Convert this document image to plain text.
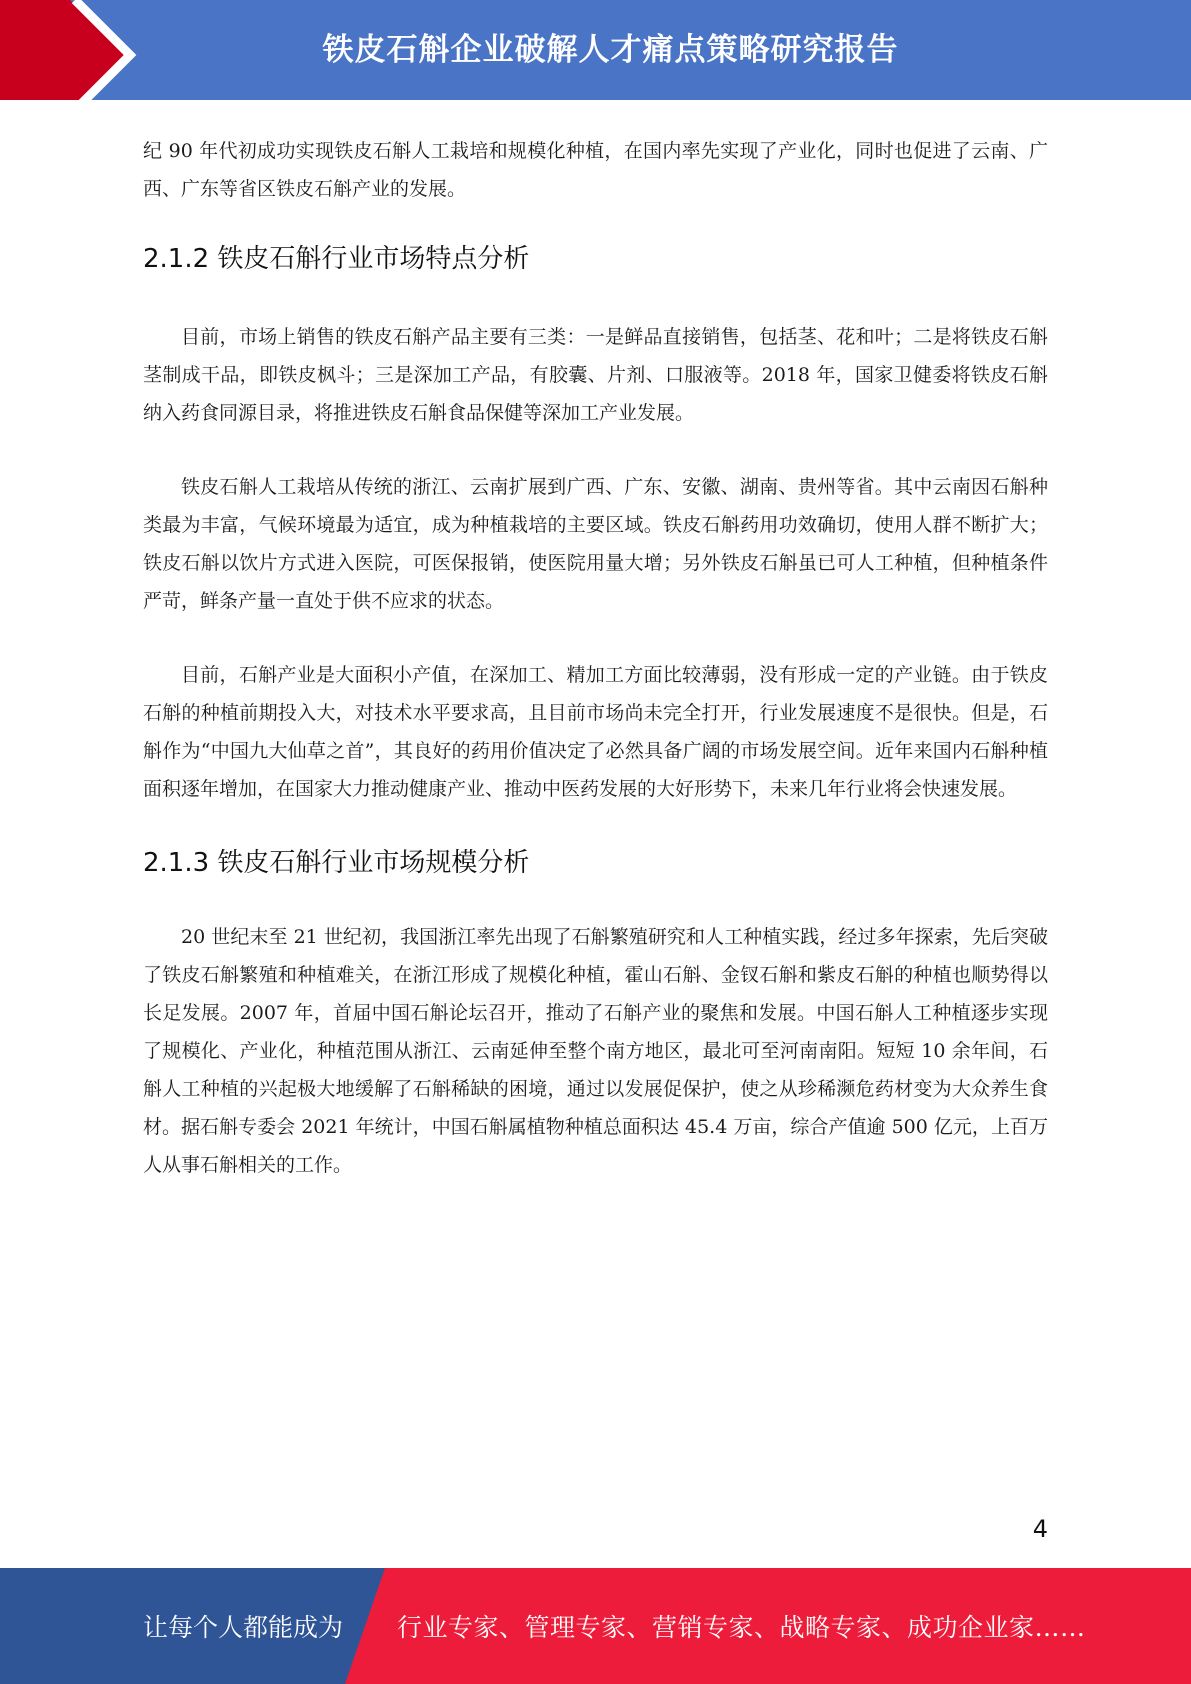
铁皮石斛企业破解人才痛点策略研究报告

纪 90 年代初成功实现铁皮石斛人工栽培和规模化种植，在国内率先实现了产业化，同时也促进了云南、广西、广东等省区铁皮石斛产业的发展。

2.1.2 铁皮石斛行业市场特点分析

目前，市场上销售的铁皮石斛产品主要有三类：一是鲜品直接销售，包括茎、花和叶；二是将铁皮石斛茎制成干品，即铁皮枫斗；三是深加工产品，有胶囊、片剂、口服液等。2018 年，国家卫健委将铁皮石斛纳入药食同源目录，将推进铁皮石斛食品保健等深加工产业发展。

铁皮石斛人工栽培从传统的浙江、云南扩展到广西、广东、安徽、湖南、贵州等省。其中云南因石斛种类最为丰富，气候环境最为适宜，成为种植栽培的主要区域。铁皮石斛药用功效确切，使用人群不断扩大；铁皮石斛以饮片方式进入医院，可医保报销，使医院用量大增；另外铁皮石斛虽已可人工种植，但种植条件严苛，鲜条产量一直处于供不应求的状态。

目前，石斛产业是大面积小产值，在深加工、精加工方面比较薄弱，没有形成一定的产业链。由于铁皮石斛的种植前期投入大，对技术水平要求高，且目前市场尚未完全打开，行业发展速度不是很快。但是，石斛作为“中国九大仙草之首”，其良好的药用价值决定了必然具备广阔的市场发展空间。近年来国内石斛种植面积逐年增加，在国家大力推动健康产业、推动中医药发展的大好形势下，未来几年行业将会快速发展。

2.1.3 铁皮石斛行业市场规模分析

20 世纪末至 21 世纪初，我国浙江率先出现了石斛繁殖研究和人工种植实践，经过多年探索，先后突破了铁皮石斛繁殖和种植难关，在浙江形成了规模化种植，霍山石斛、金钗石斛和紫皮石斛的种植也顺势得以长足发展。2007 年，首届中国石斛论坛召开，推动了石斛产业的聚焦和发展。中国石斛人工种植逐步实现了规模化、产业化，种植范围从浙江、云南延伸至整个南方地区，最北可至河南南阳。短短 10 余年间，石斛人工种植的兴起极大地缓解了石斛稀缺的困境，通过以发展促保护，使之从珍稀濒危药材变为大众养生食材。据石斛专委会 2021 年统计，中国石斛属植物种植总面积达 45.4 万亩，综合产值逾 500 亿元，上百万人从事石斛相关的工作。

4
让每个人都能成为 行业专家、管理专家、营销专家、战略专家、成功企业家……
